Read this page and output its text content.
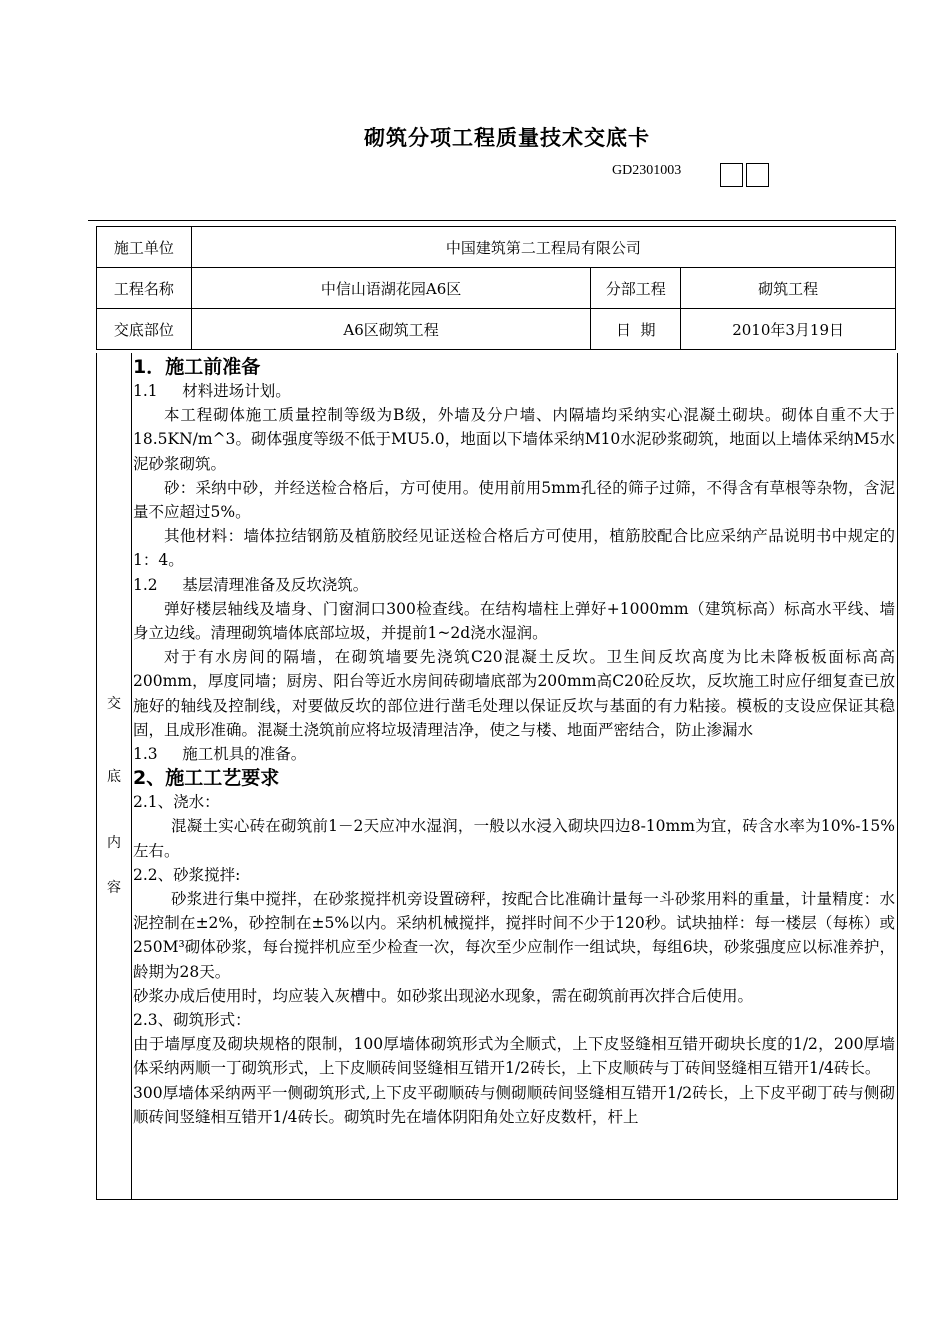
砌筑分项工程质量技术交底卡
GD2301003
施工单位	中国建筑第二工程局有限公司		
工程名称	中信山语湖花园A6区	分部工程	砌筑工程
交底部位	A6区砌筑工程	日  期	2010年3月19日
交
底
内
容

1．施工前准备

1.1     材料进场计划。

本工程砌体施工质量控制等级为B级，外墙及分户墙、内隔墙均采纳实心混凝土砌块。砌体自重不大于18.5KN/m^3。砌体强度等级不低于MU5.0，地面以下墙体采纳M10水泥砂浆砌筑，地面以上墙体采纳M5水泥砂浆砌筑。

砂：采纳中砂，并经送检合格后，方可使用。使用前用5mm孔径的筛子过筛，不得含有草根等杂物，含泥量不应超过5%。

其他材料：墙体拉结钢筋及植筋胶经见证送检合格后方可使用，植筋胶配合比应采纳产品说明书中规定的1：4。

1.2     基层清理准备及反坎浇筑。

弹好楼层轴线及墙身、门窗洞口300检查线。在结构墙柱上弹好+1000mm（建筑标高）标高水平线、墙身立边线。清理砌筑墙体底部垃圾，并提前1~2d浇水湿润。

对于有水房间的隔墙，在砌筑墙要先浇筑C20混凝土反坎。卫生间反坎高度为比未降板板面标高高200mm，厚度同墙；厨房、阳台等近水房间砖砌墙底部为200mm高C20砼反坎，反坎施工时应仔细复查已放施好的轴线及控制线，对要做反坎的部位进行凿毛处理以保证反坎与基面的有力粘接。模板的支设应保证其稳固，且成形准确。混凝土浇筑前应将垃圾清理洁净，使之与楼、地面严密结合，防止渗漏水

1.3     施工机具的准备。

2、施工工艺要求

2.1、浇水：

混凝土实心砖在砌筑前1－2天应冲水湿润，一般以水浸入砌块四边8-10mm为宜，砖含水率为10%-15%左右。

2.2、砂浆搅拌:

砂浆进行集中搅拌，在砂浆搅拌机旁设置磅秤，按配合比准确计量每一斗砂浆用料的重量，计量精度：水泥控制在±2%，砂控制在±5%以内。采纳机械搅拌，搅拌时间不少于120秒。试块抽样：每一楼层（每栋）或250M³砌体砂浆，每台搅拌机应至少检查一次，每次至少应制作一组试块，每组6块，砂浆强度应以标准养护，龄期为28天。

砂浆办成后使用时，均应装入灰槽中。如砂浆出现泌水现象，需在砌筑前再次拌合后使用。

2.3、砌筑形式：

由于墙厚度及砌块规格的限制，100厚墙体砌筑形式为全顺式，上下皮竖缝相互错开砌块长度的1/2，200厚墙体采纳两顺一丁砌筑形式，上下皮顺砖间竖缝相互错开1/2砖长，上下皮顺砖与丁砖间竖缝相互错开1/4砖长。

300厚墙体采纳两平一侧砌筑形式,上下皮平砌顺砖与侧砌顺砖间竖缝相互错开1/2砖长，上下皮平砌丁砖与侧砌顺砖间竖缝相互错开1/4砖长。砌筑时先在墙体阴阳角处立好皮数杆，杆上
